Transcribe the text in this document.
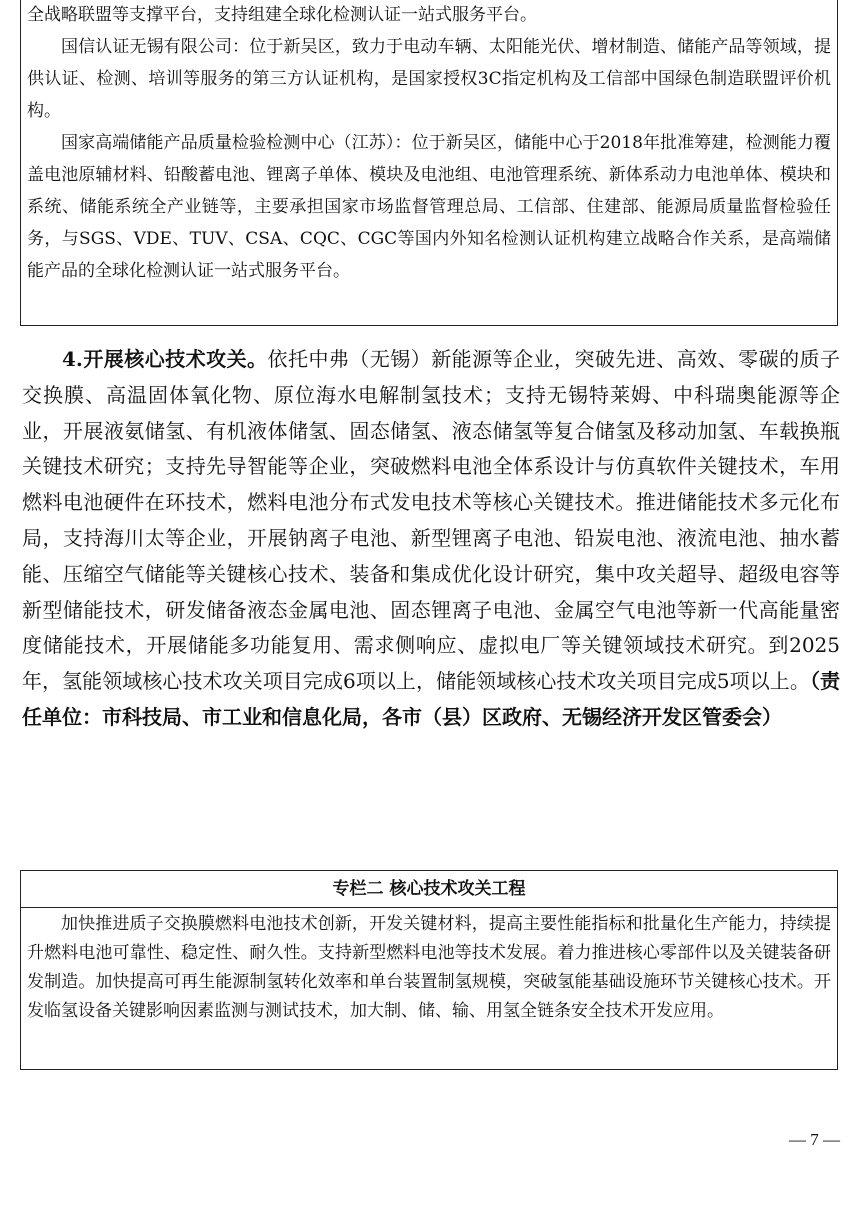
全战略联盟等支撑平台，支持组建全球化检测认证一站式服务平台。

国信认证无锡有限公司：位于新吴区，致力于电动车辆、太阳能光伏、增材制造、储能产品等领域，提供认证、检测、培训等服务的第三方认证机构，是国家授权3C指定机构及工信部中国绿色制造联盟评价机构。

国家高端储能产品质量检验检测中心（江苏）：位于新吴区，储能中心于2018年批准筹建，检测能力覆盖电池原辅材料、铅酸蓄电池、锂离子单体、模块及电池组、电池管理系统、新体系动力电池单体、模块和系统、储能系统全产业链等，主要承担国家市场监督管理总局、工信部、住建部、能源局质量监督检验任务，与SGS、VDE、TUV、CSA、CQC、CGC等国内外知名检测认证机构建立战略合作关系，是高端储能产品的全球化检测认证一站式服务平台。

4.开展核心技术攻关。依托中弗（无锡）新能源等企业，突破先进、高效、零碳的质子交换膜、高温固体氧化物、原位海水电解制氢技术；支持无锡特莱姆、中科瑞奥能源等企业，开展液氨储氢、有机液体储氢、固态储氢、液态储氢等复合储氢及移动加氢、车载换瓶关键技术研究；支持先导智能等企业，突破燃料电池全体系设计与仿真软件关键技术，车用燃料电池硬件在环技术，燃料电池分布式发电技术等核心关键技术。推进储能技术多元化布局，支持海川太等企业，开展钠离子电池、新型锂离子电池、铅炭电池、液流电池、抽水蓄能、压缩空气储能等关键核心技术、装备和集成优化设计研究，集中攻关超导、超级电容等新型储能技术，研发储备液态金属电池、固态锂离子电池、金属空气电池等新一代高能量密度储能技术，开展储能多功能复用、需求侧响应、虚拟电厂等关键领域技术研究。到2025年，氢能领域核心技术攻关项目完成6项以上，储能领域核心技术攻关项目完成5项以上。（责任单位：市科技局、市工业和信息化局，各市（县）区政府、无锡经济开发区管委会）

专栏二 核心技术攻关工程

加快推进质子交换膜燃料电池技术创新，开发关键材料，提高主要性能指标和批量化生产能力，持续提升燃料电池可靠性、稳定性、耐久性。支持新型燃料电池等技术发展。着力推进核心零部件以及关键装备研发制造。加快提高可再生能源制氢转化效率和单台装置制氢规模，突破氢能基础设施环节关键核心技术。开发临氢设备关键影响因素监测与测试技术，加大制、储、输、用氢全链条安全技术开发应用。

— 7 —
